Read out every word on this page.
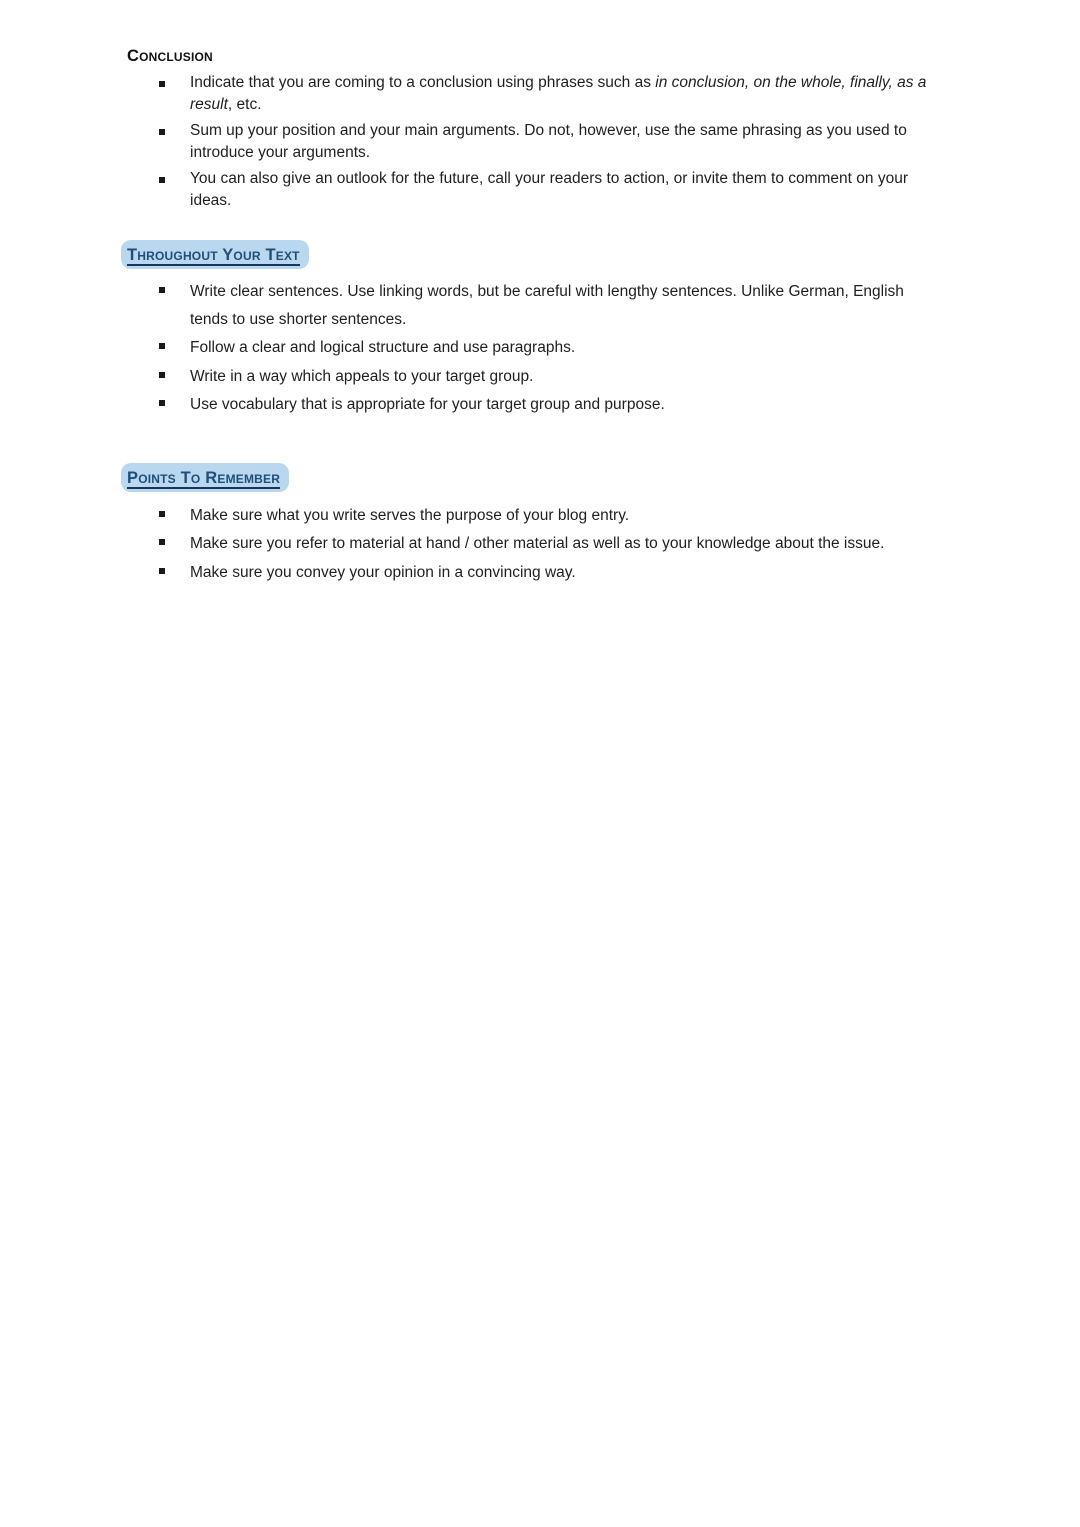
Conclusion
Indicate that you are coming to a conclusion using phrases such as in conclusion, on the whole, finally, as a result, etc.
Sum up your position and your main arguments. Do not, however, use the same phrasing as you used to introduce your arguments.
You can also give an outlook for the future, call your readers to action, or invite them to comment on your ideas.
Throughout Your Text
Write clear sentences. Use linking words, but be careful with lengthy sentences. Unlike German, English tends to use shorter sentences.
Follow a clear and logical structure and use paragraphs.
Write in a way which appeals to your target group.
Use vocabulary that is appropriate for your target group and purpose.
Points To Remember
Make sure what you write serves the purpose of your blog entry.
Make sure you refer to material at hand / other material as well as to your knowledge about the issue.
Make sure you convey your opinion in a convincing way.
